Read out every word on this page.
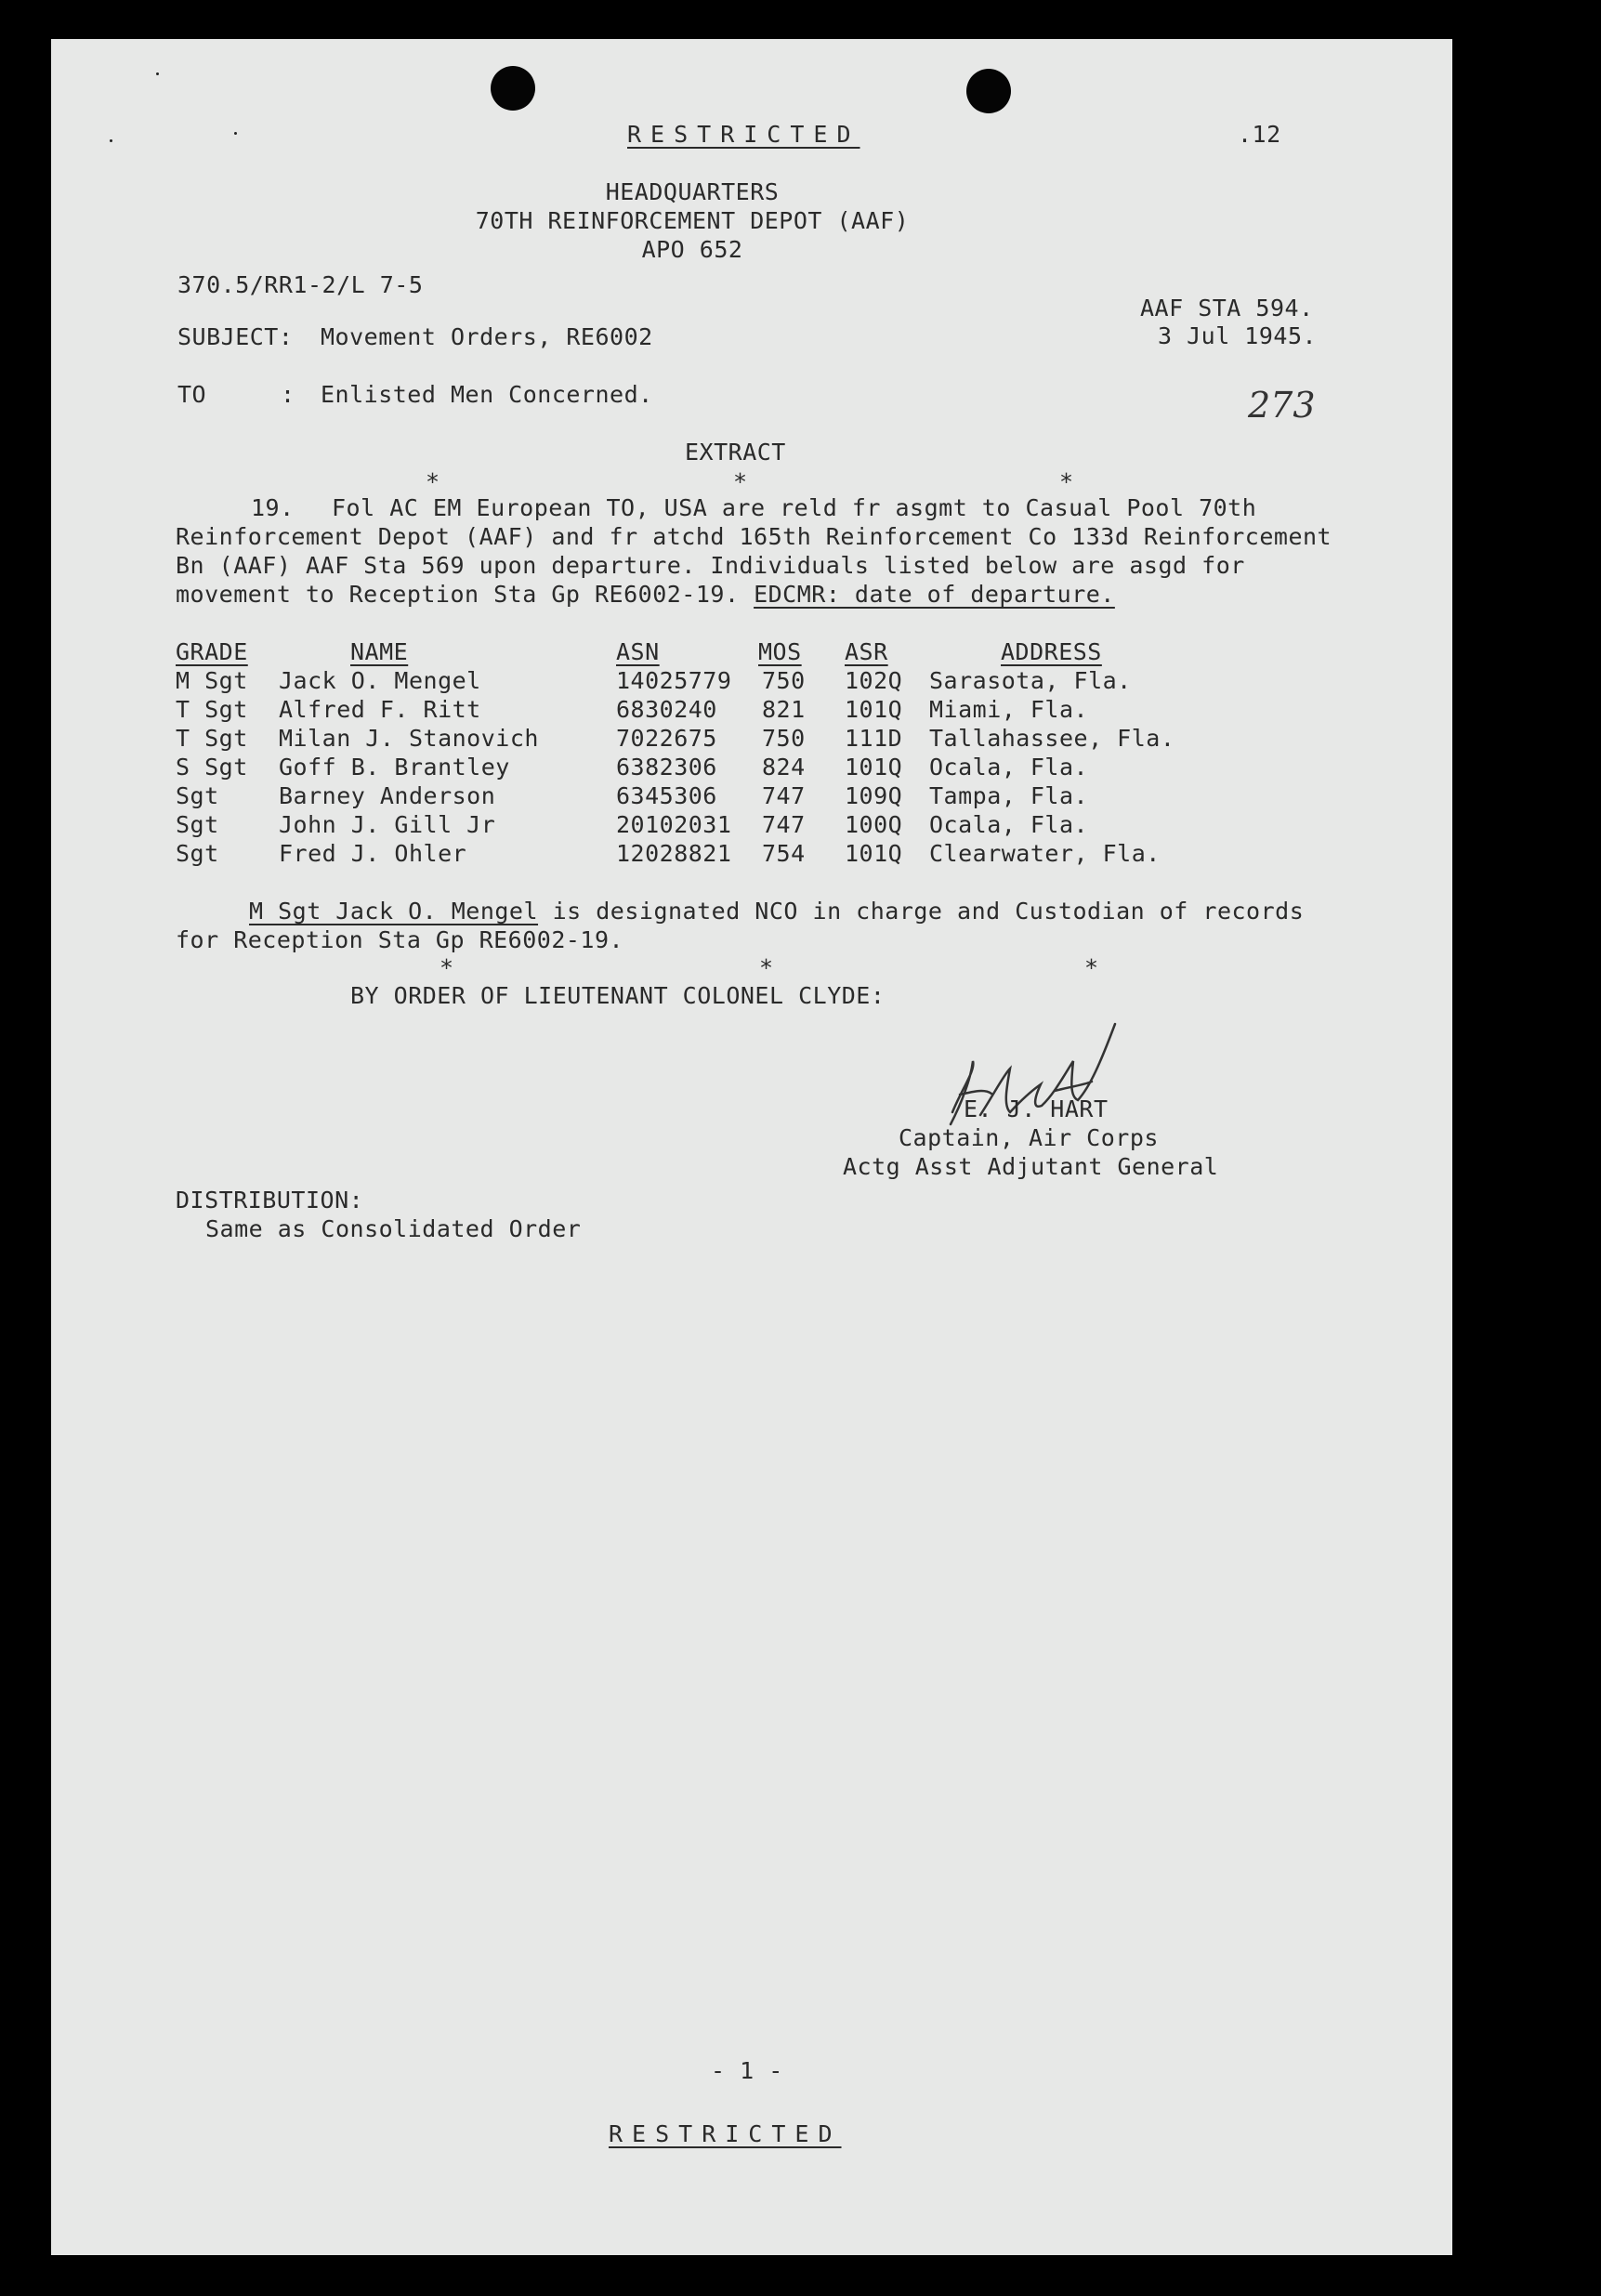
RESTRICTED	.12
HEADQUARTERS
70TH REINFORCEMENT DEPOT (AAF)
APO 652
370.5/RR1-2/L 7-5
AAF STA 594.
3 Jul 1945.
SUBJECT: Movement Orders, RE6002
TO	: Enlisted Men Concerned.	273
EXTRACT
*	*	*
19. Fol AC EM European TO, USA are reld fr asgmt to Casual Pool 70th
Reinforcement Depot (AAF) and fr atchd 165th Reinforcement Co 133d Reinforcement
Bn (AAF) AAF Sta 569 upon departure. Individuals listed below are asgd for
movement to Reception Sta Gp RE6002-19. EDCMR: date of departure.
GRADE	NAME	ASN	MOS ASR	ADDRESS
M Sgt Jack O. Mengel	14025779 750 102Q Sarasota, Fla.
T Sgt Alfred F. Ritt	6830240 821 101Q Miami, Fla.
T Sgt Milan J. Stanovich	7022675 750 111D Tallahassee, Fla.
S Sgt Goff B. Brantley	6382306 824 101Q Ocala, Fla.
Sgt	Barney Anderson	6345306 747 109Q Tampa, Fla.
Sgt	John J. Gill Jr	20102031 747 100Q Ocala, Fla.
Sgt	Fred J. Ohler	12028821 754 101Q Clearwater, Fla.
M Sgt Jack O. Mengel is designated NCO in charge and Custodian of records
for Reception Sta Gp RE6002-19.
*	*	*
BY ORDER OF LIEUTENANT COLONEL CLYDE:
E. J. HART
Captain, Air Corps
Actg Asst Adjutant General
DISTRIBUTION:
Same as Consolidated Order
- 1 -
RESTRICTED
